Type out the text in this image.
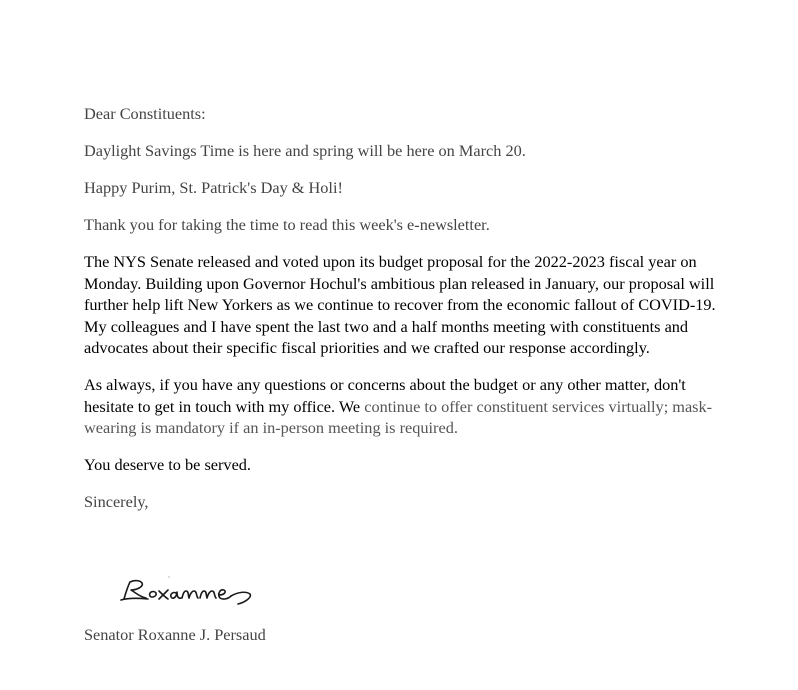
Dear Constituents:

Daylight Savings Time is here and spring will be here on March 20.

Happy Purim, St. Patrick's Day & Holi!

Thank you for taking the time to read this week's e-newsletter.

The NYS Senate released and voted upon its budget proposal for the 2022-2023 fiscal year on Monday. Building upon Governor Hochul's ambitious plan released in January, our proposal will further help lift New Yorkers as we continue to recover from the economic fallout of COVID-19. My colleagues and I have spent the last two and a half months meeting with constituents and advocates about their specific fiscal priorities and we crafted our response accordingly.

As always, if you have any questions or concerns about the budget or any other matter, don't hesitate to get in touch with my office. We continue to offer constituent services virtually; mask-wearing is mandatory if an in-person meeting is required.

You deserve to be served.

Sincerely,

Senator Roxanne J. Persaud
